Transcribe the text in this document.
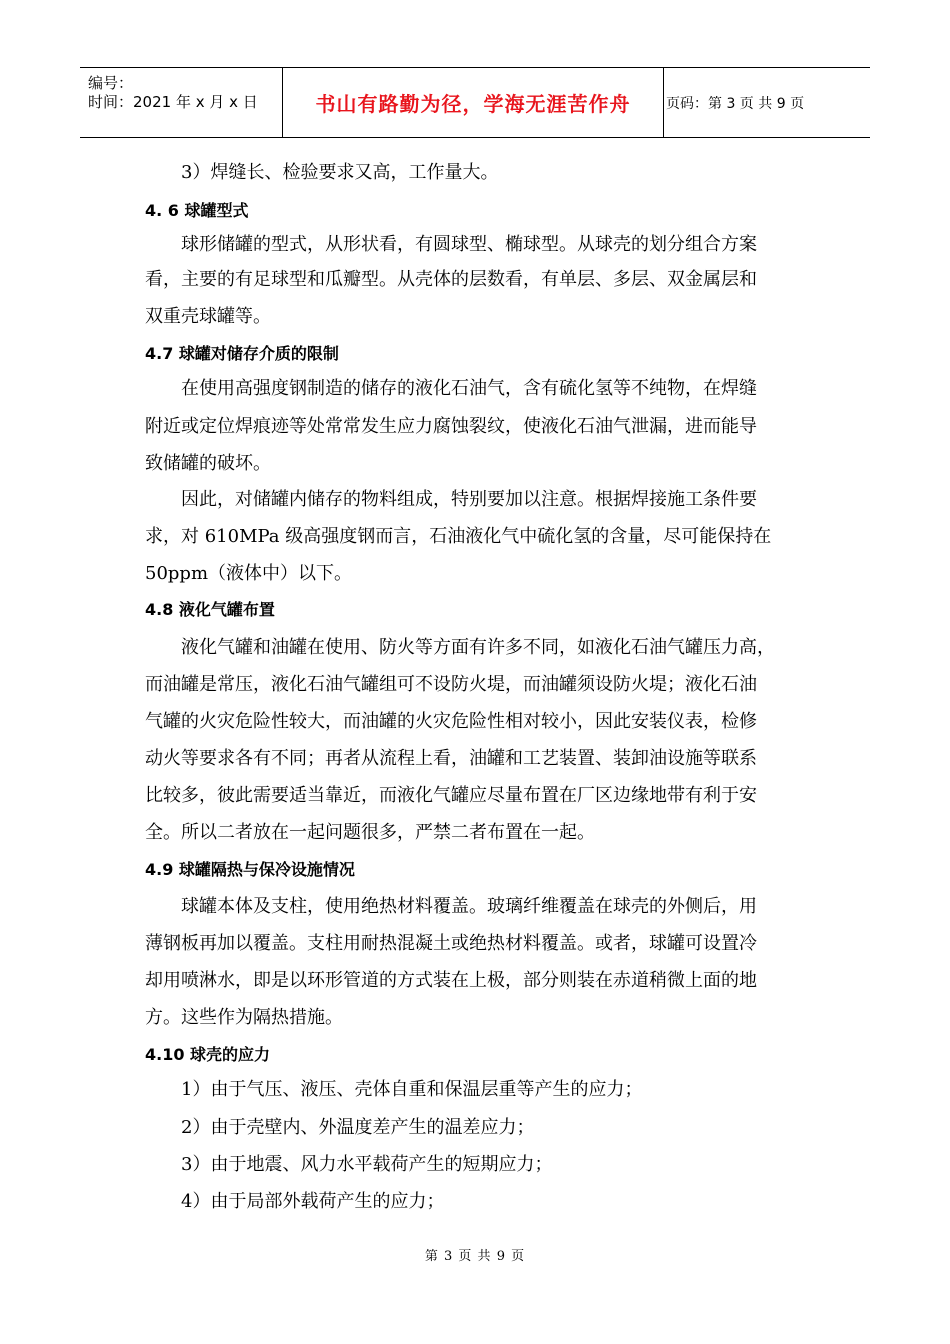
编号：
时间：2021 年 x 月 x 日	书山有路勤为径，学海无涯苦作舟	页码：第 3 页 共 9 页
3）焊缝长、检验要求又高，工作量大。
4. 6 球罐型式
球形储罐的型式，从形状看，有圆球型、椭球型。从球壳的划分组合方案
看，主要的有足球型和瓜瓣型。从壳体的层数看，有单层、多层、双金属层和
双重壳球罐等。
4.7 球罐对储存介质的限制
在使用高强度钢制造的储存的液化石油气，含有硫化氢等不纯物，在焊缝
附近或定位焊痕迹等处常常发生应力腐蚀裂纹，使液化石油气泄漏，进而能导
致储罐的破坏。
因此，对储罐内储存的物料组成，特别要加以注意。根据焊接施工条件要
求，对 610MPa 级高强度钢而言，石油液化气中硫化氢的含量，尽可能保持在
50ppm（液体中）以下。
4.8 液化气罐布置
液化气罐和油罐在使用、防火等方面有许多不同，如液化石油气罐压力高，
而油罐是常压，液化石油气罐组可不设防火堤，而油罐须设防火堤；液化石油
气罐的火灾危险性较大，而油罐的火灾危险性相对较小，因此安装仪表，检修
动火等要求各有不同；再者从流程上看，油罐和工艺装置、装卸油设施等联系
比较多，彼此需要适当靠近，而液化气罐应尽量布置在厂区边缘地带有利于安
全。所以二者放在一起问题很多，严禁二者布置在一起。
4.9 球罐隔热与保冷设施情况
球罐本体及支柱，使用绝热材料覆盖。玻璃纤维覆盖在球壳的外侧后，用
薄钢板再加以覆盖。支柱用耐热混凝土或绝热材料覆盖。或者，球罐可设置冷
却用喷淋水，即是以环形管道的方式装在上极，部分则装在赤道稍微上面的地
方。这些作为隔热措施。
4.10 球壳的应力
1）由于气压、液压、壳体自重和保温层重等产生的应力；
2）由于壳壁内、外温度差产生的温差应力；
3）由于地震、风力水平载荷产生的短期应力；
4）由于局部外载荷产生的应力；
第 3 页 共 9 页
